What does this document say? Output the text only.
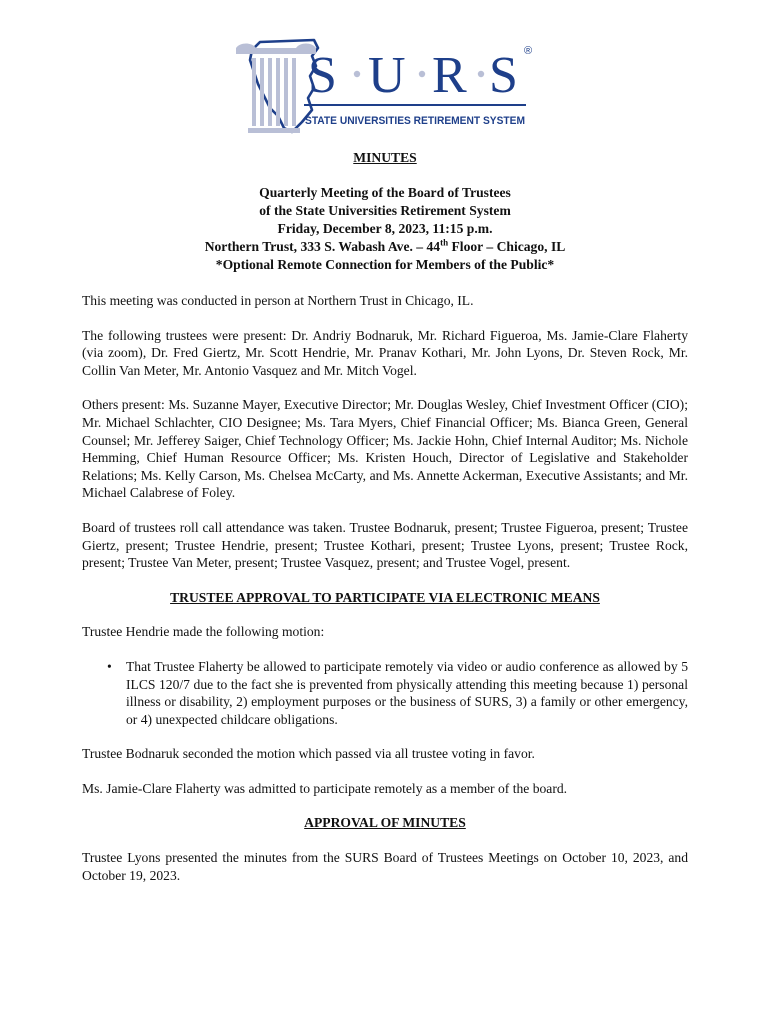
S U R S ®
STATE UNIVERSITIES RETIREMENT SYSTEM
MINUTES
Quarterly Meeting of the Board of Trustees
of the State Universities Retirement System
Friday, December 8, 2023, 11:15 p.m.
Northern Trust, 333 S. Wabash Ave. – 44th Floor – Chicago, IL
*Optional Remote Connection for Members of the Public*

This meeting was conducted in person at Northern Trust in Chicago, IL.

The following trustees were present: Dr. Andriy Bodnaruk, Mr. Richard Figueroa, Ms. Jamie-Clare Flaherty (via zoom), Dr. Fred Giertz, Mr. Scott Hendrie, Mr. Pranav Kothari, Mr. John Lyons, Dr. Steven Rock, Mr. Collin Van Meter, Mr. Antonio Vasquez and Mr. Mitch Vogel.

Others present: Ms. Suzanne Mayer, Executive Director; Mr. Douglas Wesley, Chief Investment Officer (CIO); Mr. Michael Schlachter, CIO Designee; Ms. Tara Myers, Chief Financial Officer; Ms. Bianca Green, General Counsel; Mr. Jefferey Saiger, Chief Technology Officer; Ms. Jackie Hohn, Chief Internal Auditor; Ms. Nichole Hemming, Chief Human Resource Officer; Ms. Kristen Houch, Director of Legislative and Stakeholder Relations; Ms. Kelly Carson, Ms. Chelsea McCarty, and Ms. Annette Ackerman, Executive Assistants; and Mr. Michael Calabrese of Foley.

Board of trustees roll call attendance was taken. Trustee Bodnaruk, present; Trustee Figueroa, present; Trustee Giertz, present; Trustee Hendrie, present; Trustee Kothari, present; Trustee Lyons, present; Trustee Rock, present; Trustee Van Meter, present; Trustee Vasquez, present; and Trustee Vogel, present.

TRUSTEE APPROVAL TO PARTICIPATE VIA ELECTRONIC MEANS

Trustee Hendrie made the following motion:

• That Trustee Flaherty be allowed to participate remotely via video or audio conference as allowed by 5 ILCS 120/7 due to the fact she is prevented from physically attending this meeting because 1) personal illness or disability, 2) employment purposes or the business of SURS, 3) a family or other emergency, or 4) unexpected childcare obligations.

Trustee Bodnaruk seconded the motion which passed via all trustee voting in favor.

Ms. Jamie-Clare Flaherty was admitted to participate remotely as a member of the board.

APPROVAL OF MINUTES

Trustee Lyons presented the minutes from the SURS Board of Trustees Meetings on October 10, 2023, and October 19, 2023.
